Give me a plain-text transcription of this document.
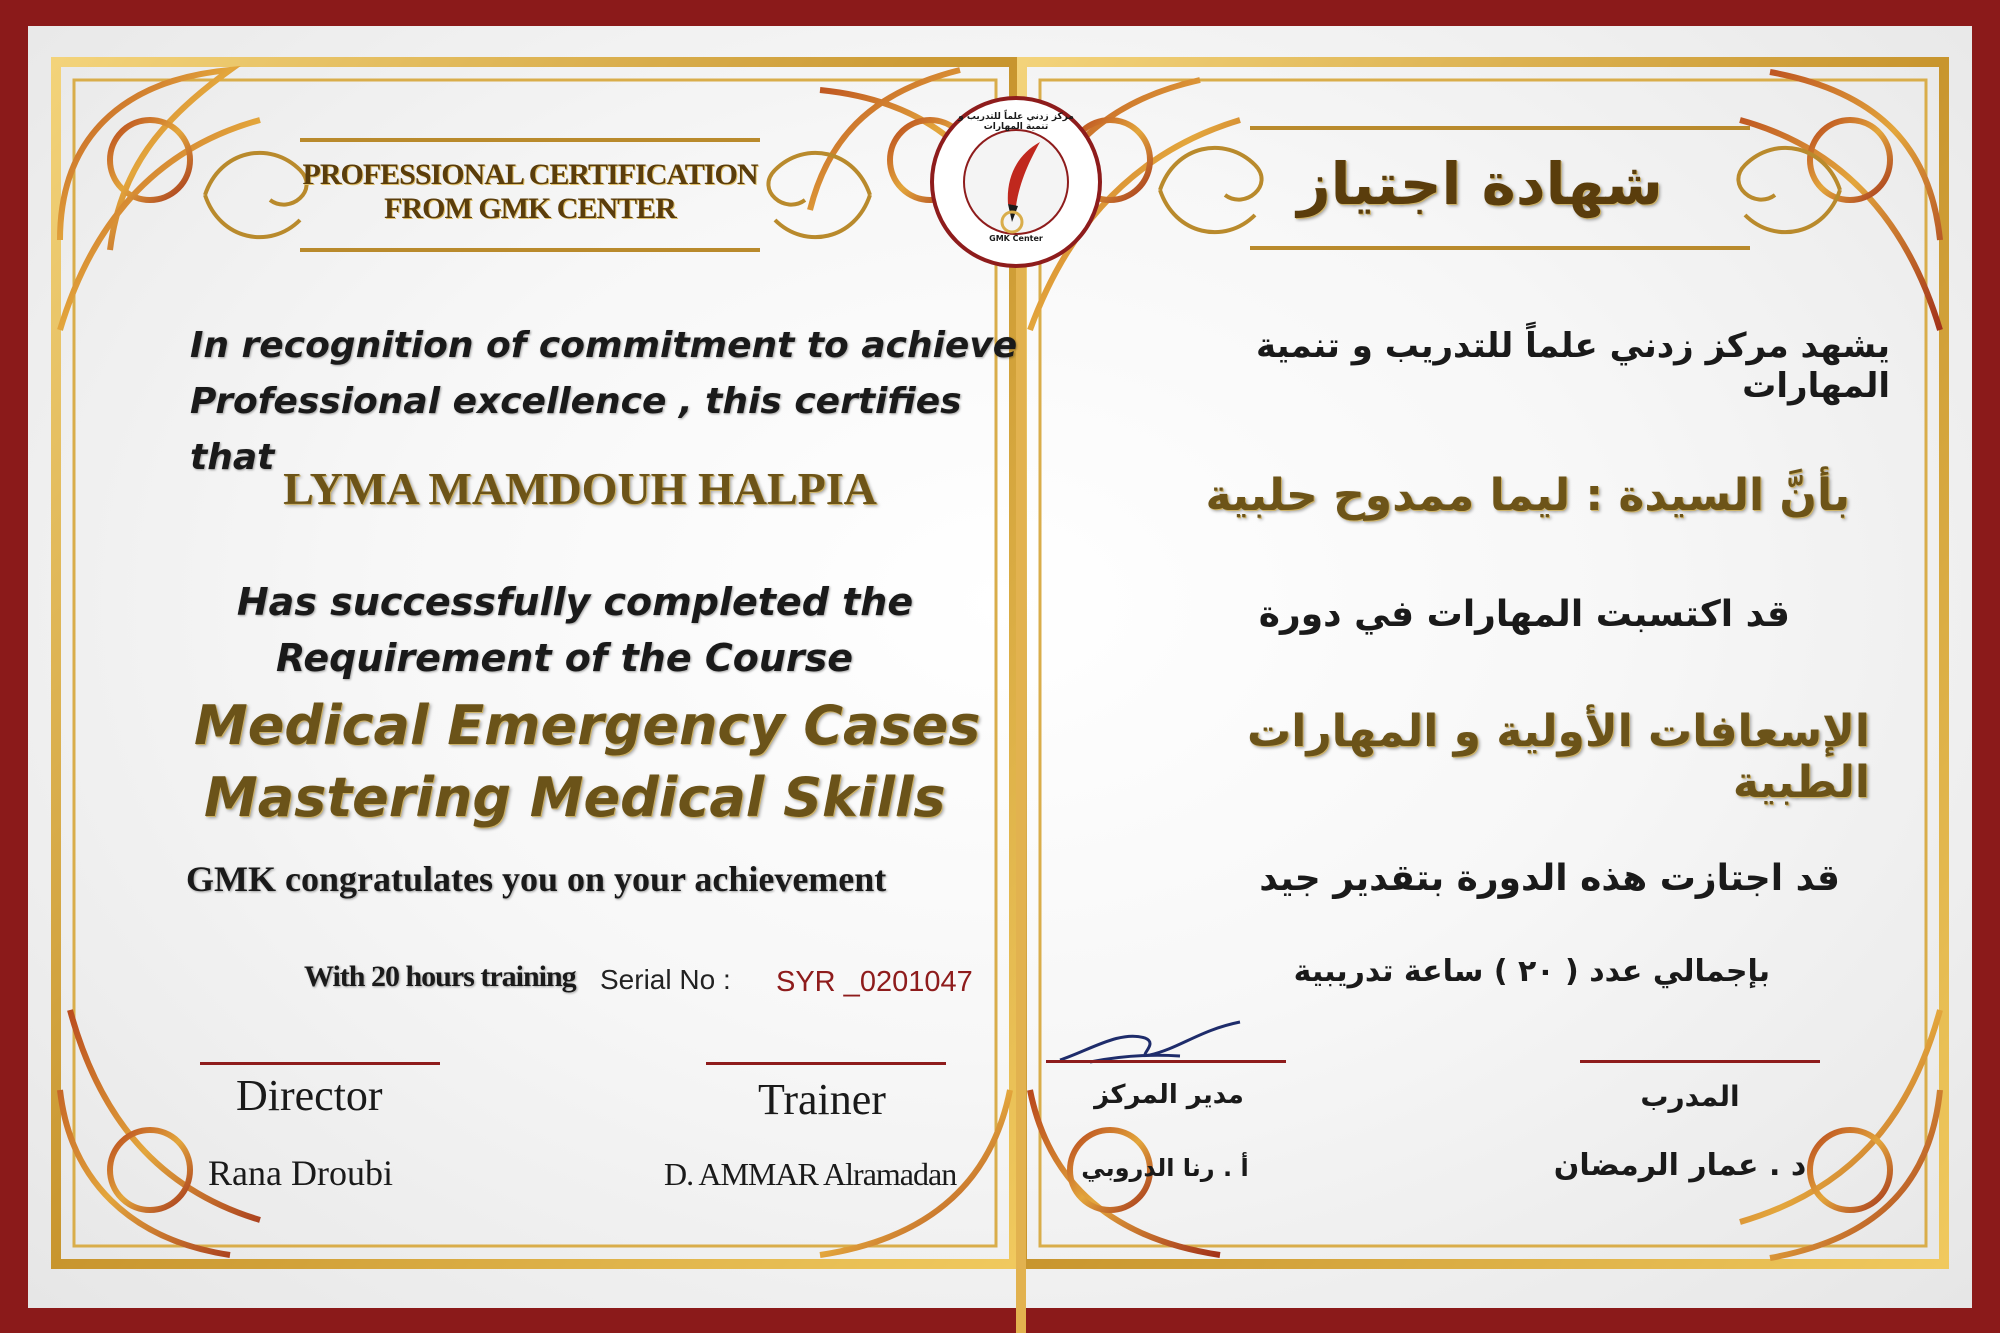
GMK Center
مركز زدني علماً للتدريب و تنمية المهارات
PROFESSIONAL CERTIFICATION
FROM GMK CENTER
In recognition of commitment to achieve
Professional excellence , this certifies that
LYMA MAMDOUH HALPIA
Has successfully completed the
Requirement of the Course
Medical Emergency Cases
Mastering Medical Skills
GMK congratulates you on your achievement
With 20 hours training Serial No : SYR _0201047
Director
Rana Droubi
Trainer
D. AMMAR Alramadan
شهادة اجتياز
يشهد مركز زدني علماً للتدريب و تنمية المهارات
بأنَّ السيدة : ليما ممدوح حلبية
قد اكتسبت المهارات في دورة
الإسعافات الأولية و المهارات الطبية
قد اجتازت هذه الدورة بتقدير جيد
بإجمالي عدد ( ٢٠ ) ساعة تدريبية
مدير المركز
أ . رنا الدروبي
المدرب
د . عمار الرمضان
